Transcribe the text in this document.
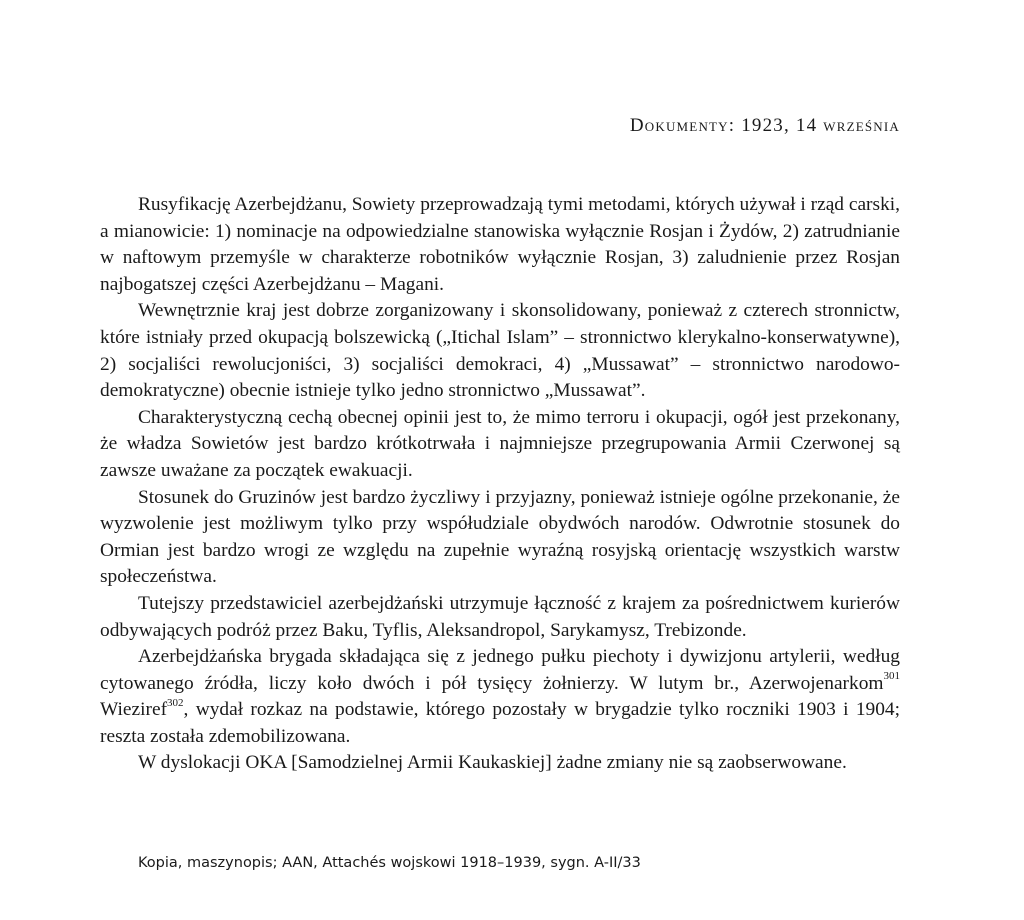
Dokumenty: 1923, 14 września

Rusyfikację Azerbejdżanu, Sowiety przeprowadzają tymi metodami, których używał i rząd carski, a mianowicie: 1) nominacje na odpowiedzialne stanowiska wyłącznie Rosjan i Żydów, 2) zatrudnianie w naftowym przemyśle w charakterze robotników wyłącznie Rosjan, 3) zaludnienie przez Rosjan najbogatszej części Azerbejdżanu – Magani.

Wewnętrznie kraj jest dobrze zorganizowany i skonsolidowany, ponieważ z czterech stronnictw, które istniały przed okupacją bolszewicką („Itichal Islam” – stronnictwo klerykalno-konserwatywne), 2) socjaliści rewolucjoniści, 3) socjaliści demokraci, 4) „Mussawat” – stronnictwo narodowo-demokratyczne) obecnie istnieje tylko jedno stronnictwo „Mussawat”.

Charakterystyczną cechą obecnej opinii jest to, że mimo terroru i okupacji, ogół jest przekonany, że władza Sowietów jest bardzo krótkotrwała i najmniejsze przegrupowania Armii Czerwonej są zawsze uważane za początek ewakuacji.

Stosunek do Gruzinów jest bardzo życzliwy i przyjazny, ponieważ istnieje ogólne przekonanie, że wyzwolenie jest możliwym tylko przy współudziale obydwóch narodów. Odwrotnie stosunek do Ormian jest bardzo wrogi ze względu na zupełnie wyraźną rosyjską orientację wszystkich warstw społeczeństwa.

Tutejszy przedstawiciel azerbejdżański utrzymuje łączność z krajem za pośrednictwem kurierów odbywających podróż przez Baku, Tyflis, Aleksandropol, Sarykamysz, Trebizonde.

Azerbejdżańska brygada składająca się z jednego pułku piechoty i dywizjonu artylerii, według cytowanego źródła, liczy koło dwóch i pół tysięcy żołnierzy. W lutym br., Azerwojenarkom$^{301}$ Wieziref$^{302}$, wydał rozkaz na podstawie, którego pozostały w brygadzie tylko roczniki 1903 i 1904; reszta została zdemobilizowana.

W dyslokacji OKA [Samodzielnej Armii Kaukaskiej] żadne zmiany nie są zaobserwowane.

Kopia, maszynopis; AAN, Attachés wojskowi 1918–1939, sygn. A-II/33
